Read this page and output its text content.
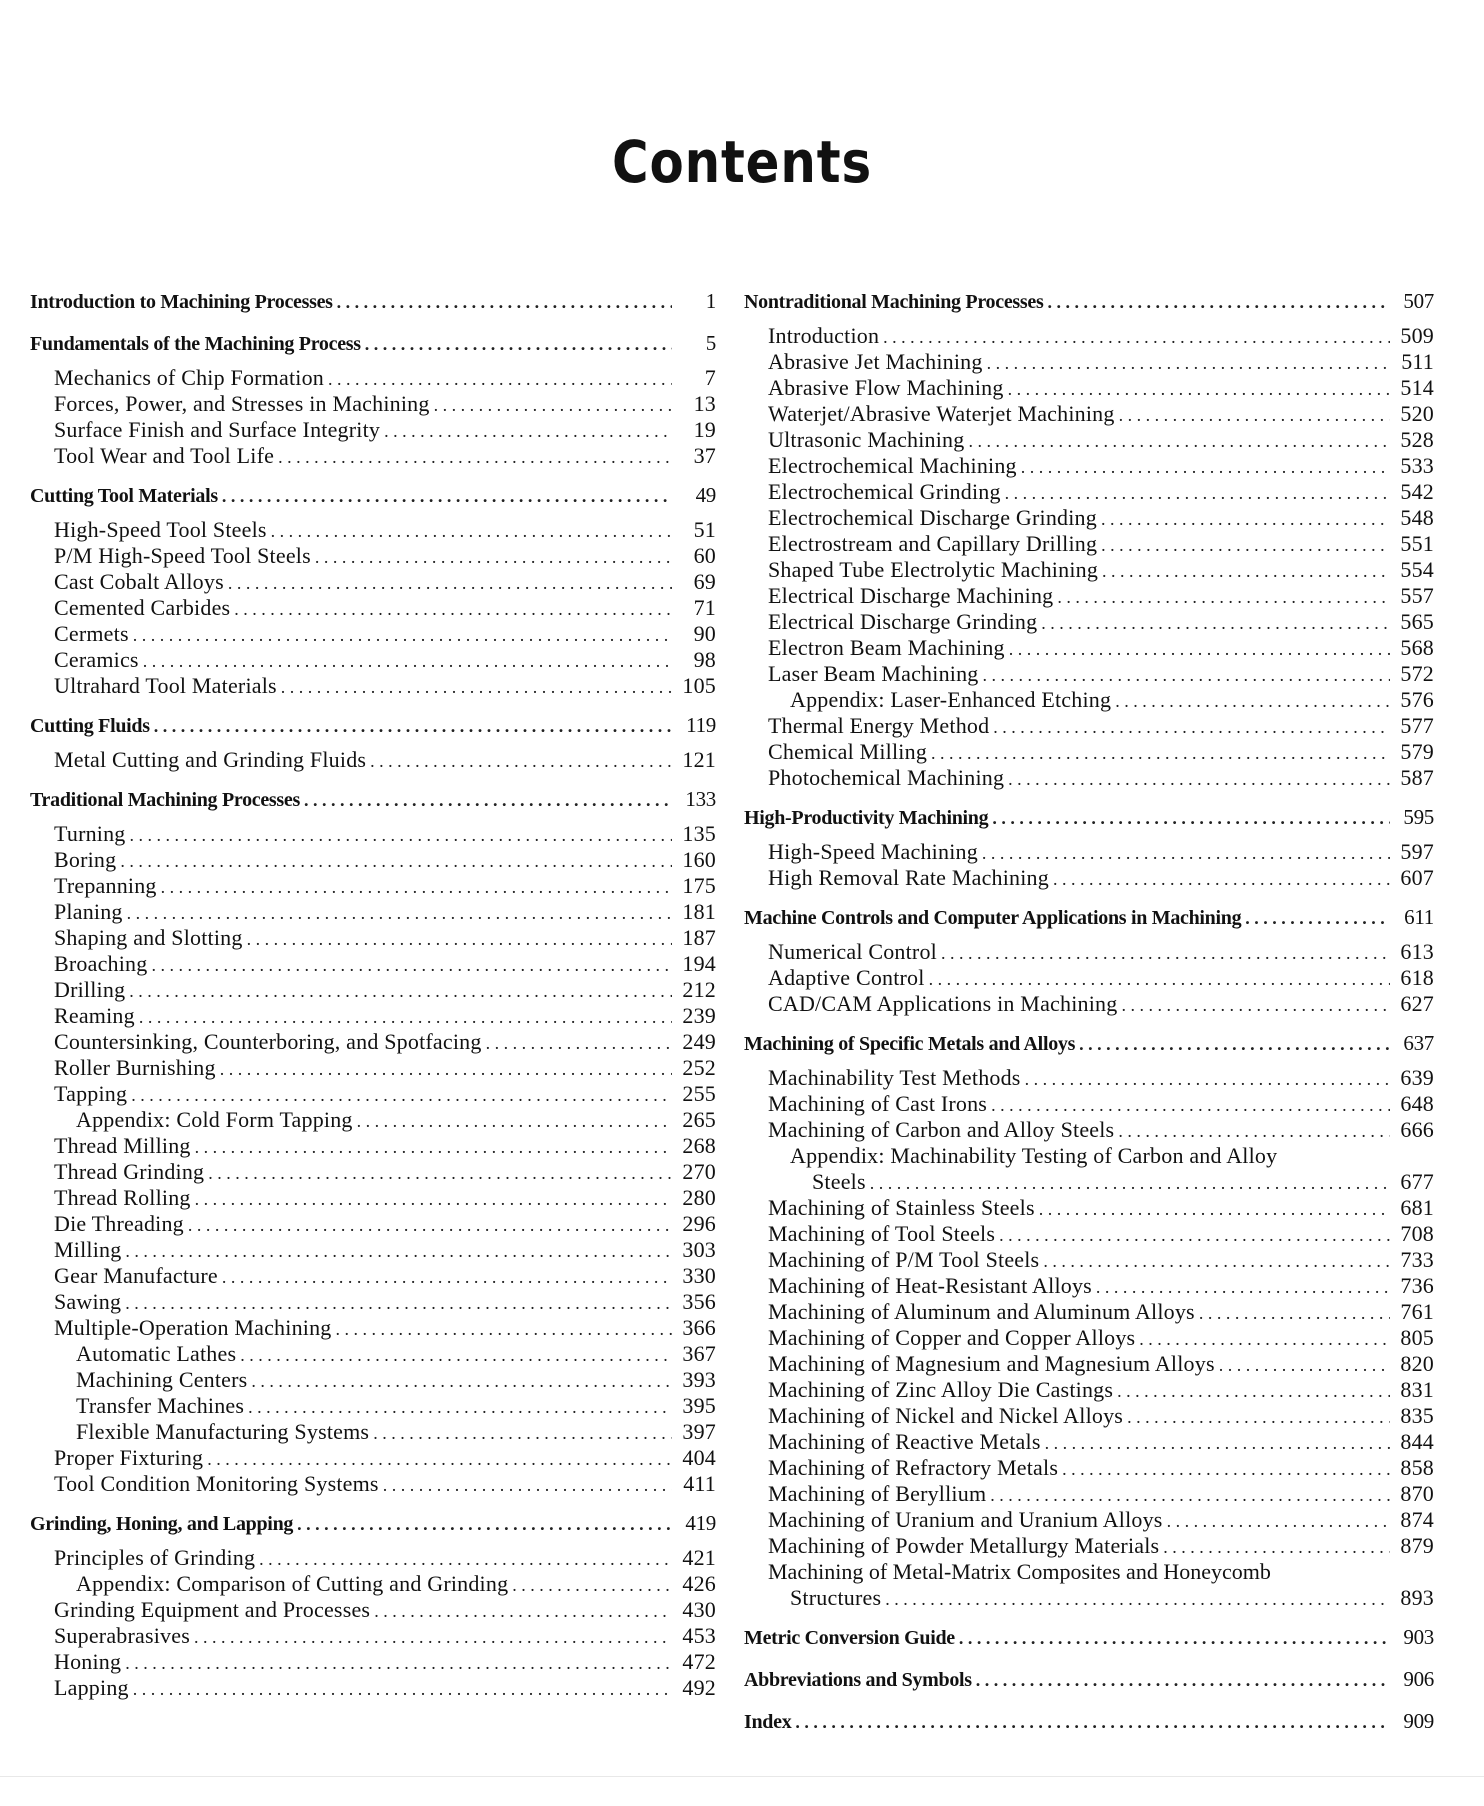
Contents
Introduction to Machining Processes . . .	1
Fundamentals of the Machining Process . . .	5
Mechanics of Chip Formation . . .	7
Forces, Power, and Stresses in Machining . . .	13
Surface Finish and Surface Integrity . . .	19
Tool Wear and Tool Life . . .	37
Cutting Tool Materials . . .	49
High-Speed Tool Steels . . .	51
P/M High-Speed Tool Steels . . .	60
Cast Cobalt Alloys . . .	69
Cemented Carbides . . .	71
Cermets . . .	90
Ceramics . . .	98
Ultrahard Tool Materials . . .	105
Cutting Fluids . . .	119
Metal Cutting and Grinding Fluids . . .	121
Traditional Machining Processes . . .	133
Turning . . .	135
Boring . . .	160
Trepanning . . .	175
Planing . . .	181
Shaping and Slotting . . .	187
Broaching . . .	194
Drilling . . .	212
Reaming . . .	239
Countersinking, Counterboring, and Spotfacing . . .	249
Roller Burnishing . . .	252
Tapping . . .	255
Appendix: Cold Form Tapping . . .	265
Thread Milling . . .	268
Thread Grinding . . .	270
Thread Rolling . . .	280
Die Threading . . .	296
Milling . . .	303
Gear Manufacture . . .	330
Sawing . . .	356
Multiple-Operation Machining . . .	366
Automatic Lathes . . .	367
Machining Centers . . .	393
Transfer Machines . . .	395
Flexible Manufacturing Systems . . .	397
Proper Fixturing . . .	404
Tool Condition Monitoring Systems . . .	411
Grinding, Honing, and Lapping . . .	419
Principles of Grinding . . .	421
Appendix: Comparison of Cutting and Grinding . . .	426
Grinding Equipment and Processes . . .	430
Superabrasives . . .	453
Honing . . .	472
Lapping . . .	492
Nontraditional Machining Processes . . .	507
Introduction . . .	509
Abrasive Jet Machining . . .	511
Abrasive Flow Machining . . .	514
Waterjet/Abrasive Waterjet Machining . . .	520
Ultrasonic Machining . . .	528
Electrochemical Machining . . .	533
Electrochemical Grinding . . .	542
Electrochemical Discharge Grinding . . .	548
Electrostream and Capillary Drilling . . .	551
Shaped Tube Electrolytic Machining . . .	554
Electrical Discharge Machining . . .	557
Electrical Discharge Grinding . . .	565
Electron Beam Machining . . .	568
Laser Beam Machining . . .	572
Appendix: Laser-Enhanced Etching . . .	576
Thermal Energy Method . . .	577
Chemical Milling . . .	579
Photochemical Machining . . .	587
High-Productivity Machining . . .	595
High-Speed Machining . . .	597
High Removal Rate Machining . . .	607
Machine Controls and Computer Applications in Machining . . .	611
Numerical Control . . .	613
Adaptive Control . . .	618
CAD/CAM Applications in Machining . . .	627
Machining of Specific Metals and Alloys . . .	637
Machinability Test Methods . . .	639
Machining of Cast Irons . . .	648
Machining of Carbon and Alloy Steels . . .	666
Appendix: Machinability Testing of Carbon and Alloy
Steels . . .	677
Machining of Stainless Steels . . .	681
Machining of Tool Steels . . .	708
Machining of P/M Tool Steels . . .	733
Machining of Heat-Resistant Alloys . . .	736
Machining of Aluminum and Aluminum Alloys . . .	761
Machining of Copper and Copper Alloys . . .	805
Machining of Magnesium and Magnesium Alloys . . .	820
Machining of Zinc Alloy Die Castings . . .	831
Machining of Nickel and Nickel Alloys . . .	835
Machining of Reactive Metals . . .	844
Machining of Refractory Metals . . .	858
Machining of Beryllium . . .	870
Machining of Uranium and Uranium Alloys . . .	874
Machining of Powder Metallurgy Materials . . .	879
Machining of Metal-Matrix Composites and Honeycomb
Structures . . .	893
Metric Conversion Guide . . .	903
Abbreviations and Symbols . . .	906
Index . . .	909
